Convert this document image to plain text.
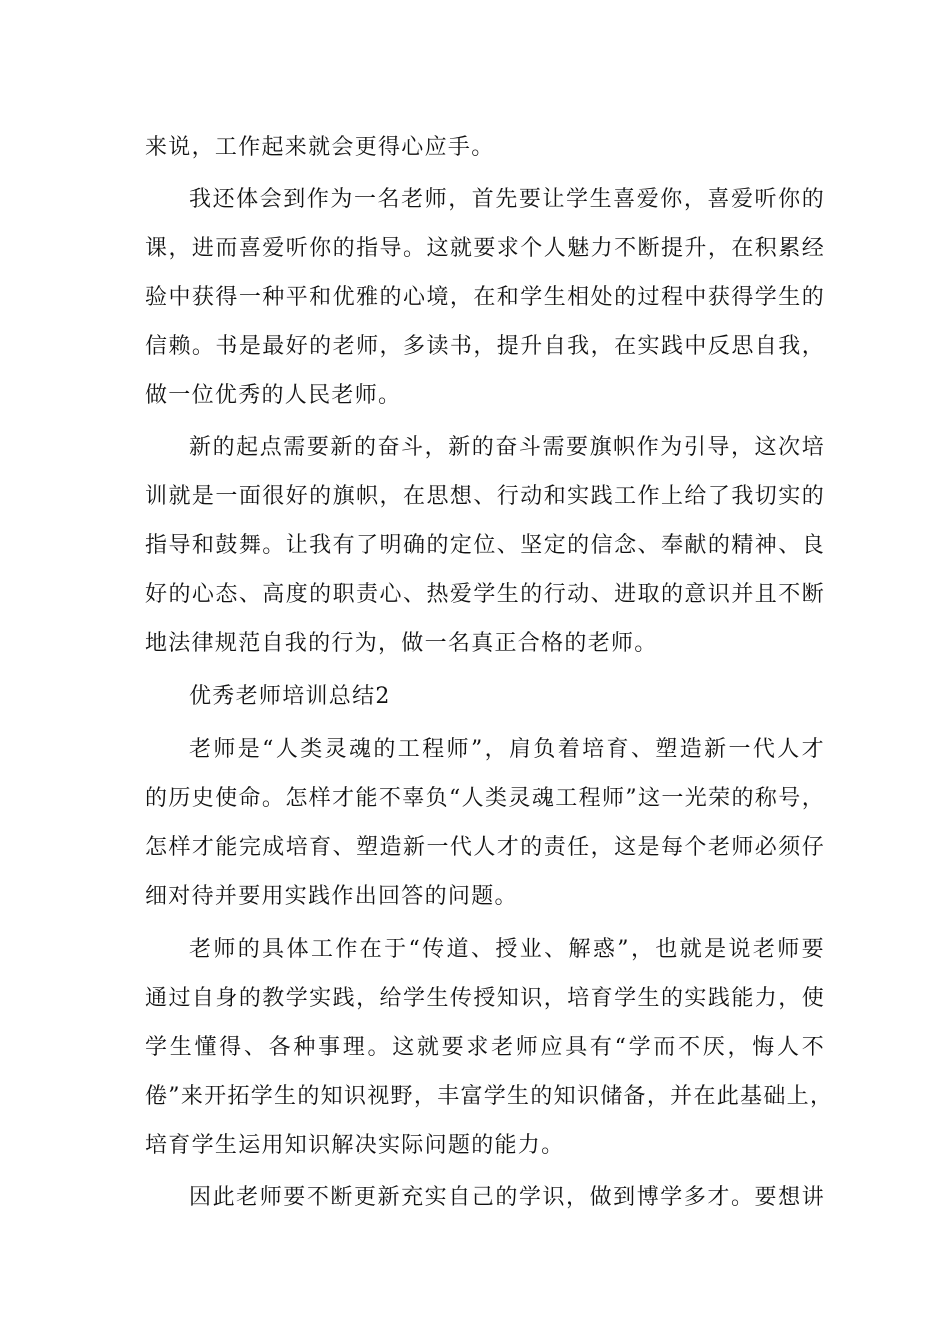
来说，工作起来就会更得心应手。
我还体会到作为一名老师，首先要让学生喜爱你，喜爱听你的
课，进而喜爱听你的指导。这就要求个人魅力不断提升，在积累经
验中获得一种平和优雅的心境，在和学生相处的过程中获得学生的
信赖。书是最好的老师，多读书，提升自我，在实践中反思自我，
做一位优秀的人民老师。
新的起点需要新的奋斗，新的奋斗需要旗帜作为引导，这次培
训就是一面很好的旗帜，在思想、行动和实践工作上给了我切实的
指导和鼓舞。让我有了明确的定位、坚定的信念、奉献的精神、良
好的心态、高度的职责心、热爱学生的行动、进取的意识并且不断
地法律规范自我的行为，做一名真正合格的老师。
优秀老师培训总结2
老师是“人类灵魂的工程师”，肩负着培育、塑造新一代人才
的历史使命。怎样才能不辜负“人类灵魂工程师”这一光荣的称号，
怎样才能完成培育、塑造新一代人才的责任，这是每个老师必须仔
细对待并要用实践作出回答的问题。
老师的具体工作在于“传道、授业、解惑”，也就是说老师要
通过自身的教学实践，给学生传授知识，培育学生的实践能力，使
学生懂得、各种事理。这就要求老师应具有“学而不厌，悔人不
倦”来开拓学生的知识视野，丰富学生的知识储备，并在此基础上，
培育学生运用知识解决实际问题的能力。
因此老师要不断更新充实自己的学识，做到博学多才。要想讲
